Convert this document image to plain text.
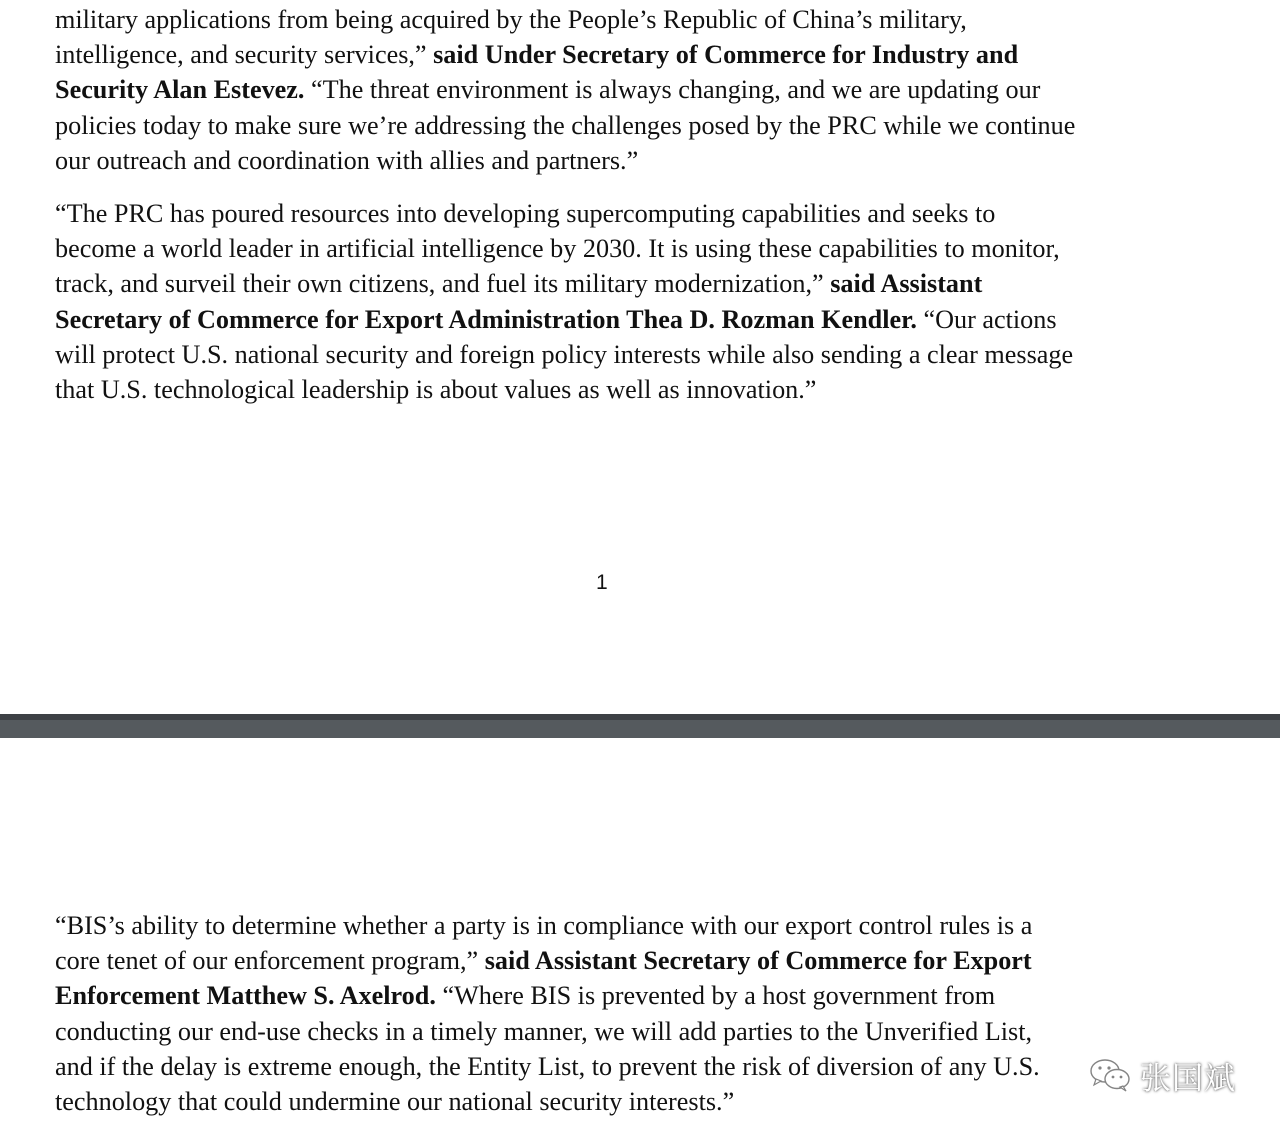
military applications from being acquired by the People’s Republic of China’s military,
intelligence, and security services,” said Under Secretary of Commerce for Industry and
Security Alan Estevez. “The threat environment is always changing, and we are updating our
policies today to make sure we’re addressing the challenges posed by the PRC while we continue
our outreach and coordination with allies and partners.”

“The PRC has poured resources into developing supercomputing capabilities and seeks to
become a world leader in artificial intelligence by 2030. It is using these capabilities to monitor,
track, and surveil their own citizens, and fuel its military modernization,” said Assistant
Secretary of Commerce for Export Administration Thea D. Rozman Kendler. “Our actions
will protect U.S. national security and foreign policy interests while also sending a clear message
that U.S. technological leadership is about values as well as innovation.”

1

“BIS’s ability to determine whether a party is in compliance with our export control rules is a
core tenet of our enforcement program,” said Assistant Secretary of Commerce for Export
Enforcement Matthew S. Axelrod. “Where BIS is prevented by a host government from
conducting our end-use checks in a timely manner, we will add parties to the Unverified List,
and if the delay is extreme enough, the Entity List, to prevent the risk of diversion of any U.S.
technology that could undermine our national security interests.”

张国斌
